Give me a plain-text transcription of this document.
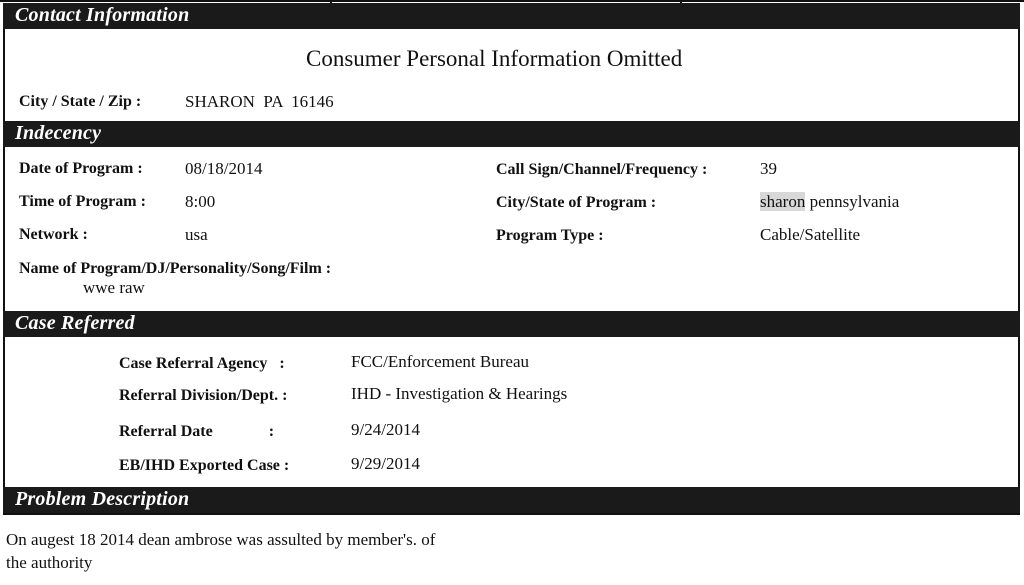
Contact Information
Consumer Personal Information Omitted
City / State / Zip :	SHARON  PA  16146
Indecency
Date of Program : 08/18/2014
Time of Program : 8:00
Network :	usa
Name of Program/DJ/Personality/Song/Film :
wwe raw
Call Sign/Channel/Frequency :	39
City/State of Program :	sharon pennsylvania
Program Type :	Cable/Satellite
Case Referred
Case Referral Agency   :	FCC/Enforcement Bureau
Referral Division/Dept. :	IHD - Investigation & Hearings
Referral Date              :	9/24/2014
EB/IHD Exported Case :	9/29/2014
Problem Description
On augest 18 2014 dean ambrose was assulted by member's. of the authority
